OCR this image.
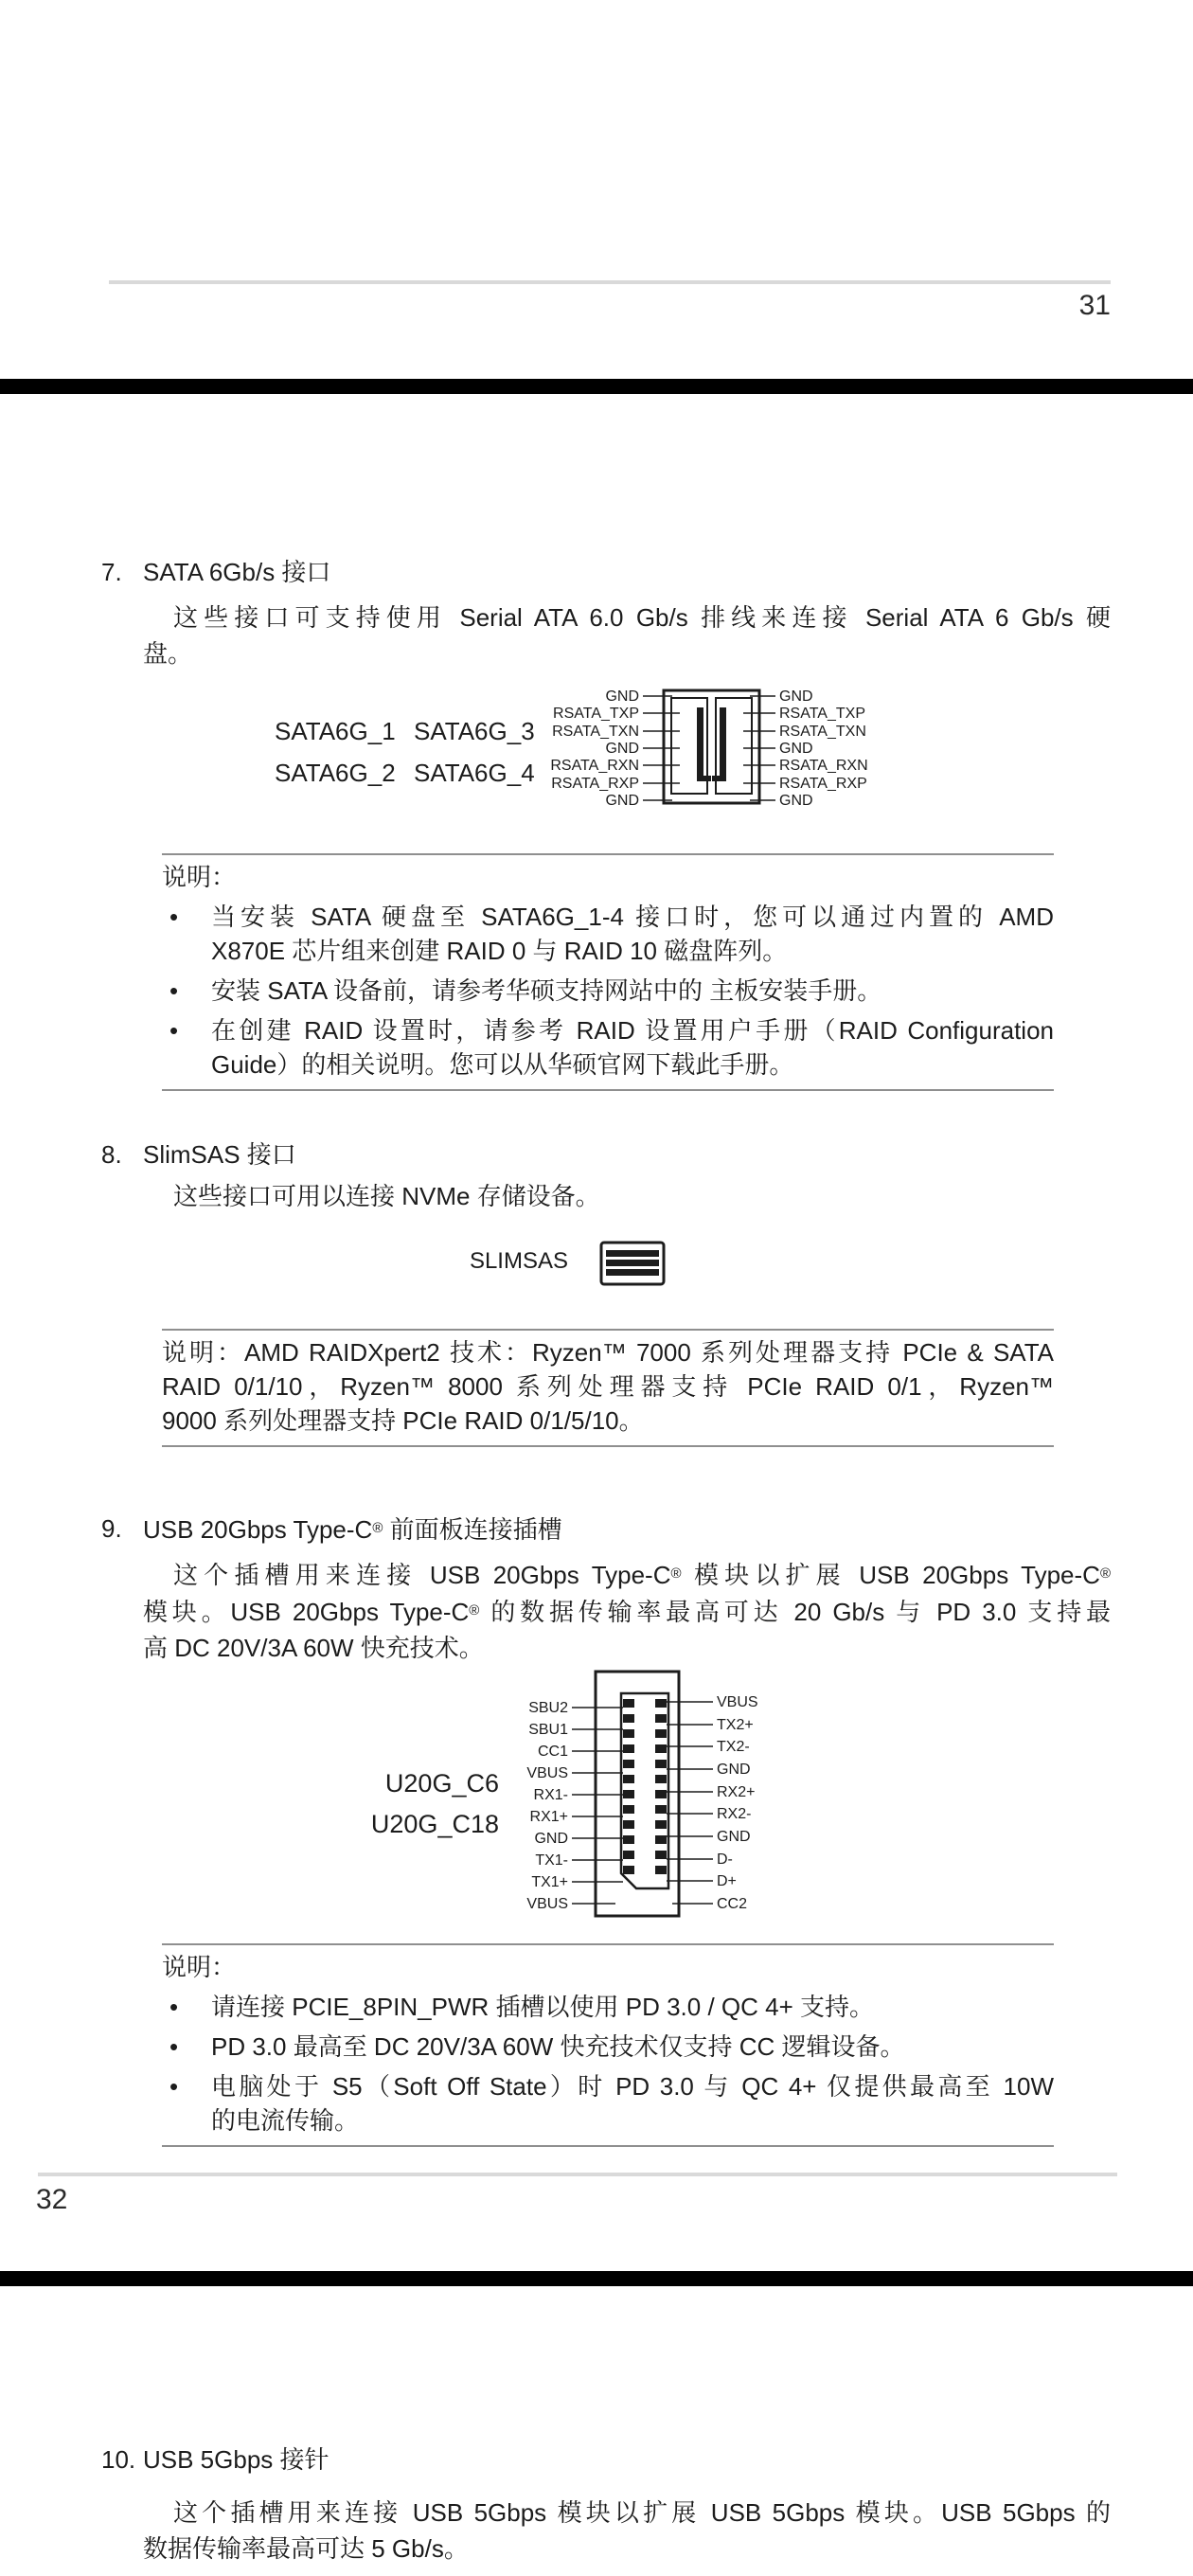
31
7. SATA 6Gb/s 接口
这些接口可支持使用 Serial ATA 6.0 Gb/s 排线来连接 Serial ATA 6 Gb/s 硬
盘。
SATA6G_1 SATA6G_3
SATA6G_2 SATA6G_4
GND
RSATA_TXP
RSATA_TXN
GND
RSATA_RXN
RSATA_RXP
GND
GND
RSATA_TXP
RSATA_TXN
GND
RSATA_RXN
RSATA_RXP
GND
说明：
•	当安装 SATA 硬盘至 SATA6G_1-4 接口时，您可以通过内置的 AMD
X870E 芯片组来创建 RAID 0 与 RAID 10 磁盘阵列。
•	安装 SATA 设备前，请参考华硕支持网站中的 主板安装手册。
•	在创建 RAID 设置时，请参考 RAID 设置用户手册（RAID Configuration
Guide）的相关说明。您可以从华硕官网下载此手册。
8. SlimSAS 接口
这些接口可用以连接 NVMe 存储设备。
SLIMSAS
说明：AMD RAIDXpert2 技术：Ryzen™ 7000 系列处理器支持 PCIe & SATA
RAID 0/1/10，Ryzen™ 8000 系列处理器支持 PCIe RAID 0/1，Ryzen™
9000 系列处理器支持 PCIe RAID 0/1/5/10。
9. USB 20Gbps Type-C® 前面板连接插槽
这个插槽用来连接 USB 20Gbps Type-C® 模块以扩展 USB 20Gbps Type-C®
模块。USB 20Gbps Type-C® 的数据传输率最高可达 20 Gb/s 与 PD 3.0 支持最
高 DC 20V/3A 60W 快充技术。
U20G_C6
U20G_C18
SBU2
SBU1
CC1
VBUS
RX1-
RX1+
GND
TX1-
TX1+
VBUS
VBUS
TX2+
TX2-
GND
RX2+
RX2-
GND
D-
D+
CC2
说明：
•	请连接 PCIE_8PIN_PWR 插槽以使用 PD 3.0 / QC 4+ 支持。
•	PD 3.0 最高至 DC 20V/3A 60W 快充技术仅支持 CC 逻辑设备。
•	电脑处于 S5（Soft Off State）时 PD 3.0 与 QC 4+ 仅提供最高至 10W
的电流传输。
32
10. USB 5Gbps 接针
这个插槽用来连接 USB 5Gbps 模块以扩展 USB 5Gbps 模块。USB 5Gbps 的
数据传输率最高可达 5 Gb/s。
